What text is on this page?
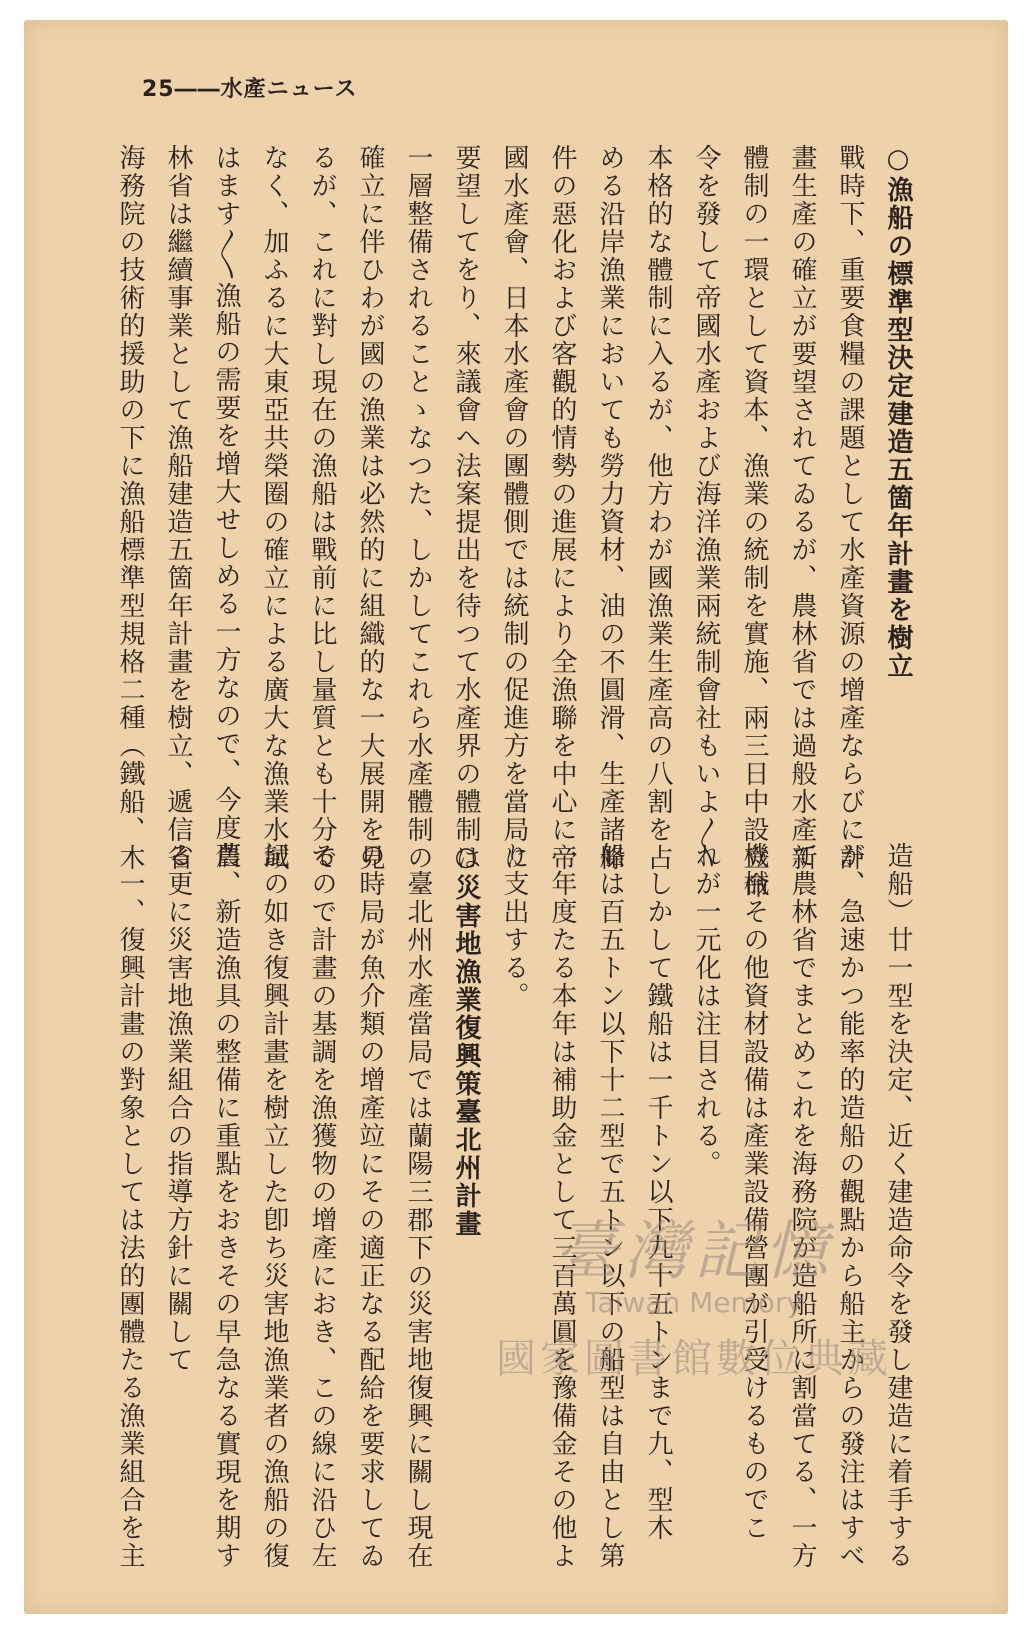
25――水產ニュース
○漁船の標準型決定建造五箇年計畫を樹立
戰時下、重要食糧の課題として水產資源の增產ならびに計
畫生產の確立が要望されてゐるが、農林省では過般水產新
體制の一環として資本、漁業の統制を實施、兩三日中設立命
令を發して帝國水產および海洋漁業兩統制會社もいよ〳〵
本格的な體制に入るが、他方わが國漁業生產高の八割を占
める沿岸漁業においても勞力資材、油の不圓滑、生產諸條
件の惡化および客觀的情勢の進展により全漁聯を中心に帝
國水產會、日本水產會の團體側では統制の促進方を當局に
要望してをり、來議會へ法案提出を待つて水產界の體制は
一層整備されることゝなつた、しかしてこれら水產體制の
確立に伴ひわが國の漁業は必然的に組織的な一大展開を見
るが、これに對し現在の漁船は戰前に比し量質とも十分で
なく、加ふるに大東亞共榮圈の確立による廣大な漁業水域
はます〳〵漁船の需要を增大せしめる一方なので、今度農
林省は繼續事業として漁船建造五箇年計畫を樹立、遞信省
海務院の技術的援助の下に漁船標準型規格二種（鐵船、木
造船）廿一型を決定、近く建造命令を發し建造に着手する
が、急速かつ能率的造船の觀點から船主からの發注はすべ
て農林省でまとめこれを海務院が造船所に割當てる、一方
機械その他資材設備は產業設備營團が引受けるものでこ
れが一元化は注目される。
　しかして鐵船は一千トン以下九十五トンまで九、型木
船は百五トン以下十二型で五トン以下の船型は自由とし第
一年度たる本年は補助金として三百萬圓を豫備金その他よ
り支出する。
○災害地漁業復興策臺北州計畫
　臺北州水產當局では蘭陽三郡下の災害地復興に關し現在
の時局が魚介類の增產竝にその適正なる配給を要求してゐ
るので計畫の基調を漁獲物の增產におき、この線に沿ひ左
記の如き復興計畫を樹立した卽ち災害地漁業者の漁船の復
舊、新造漁具の整備に重點をおきその早急なる實現を期す
る更に災害地漁業組合の指導方針に關して
　一、復興計畫の對象としては法的團體たる漁業組合を主	臺灣記憶
Taiwan Memory
國家圖書館數位典藏
